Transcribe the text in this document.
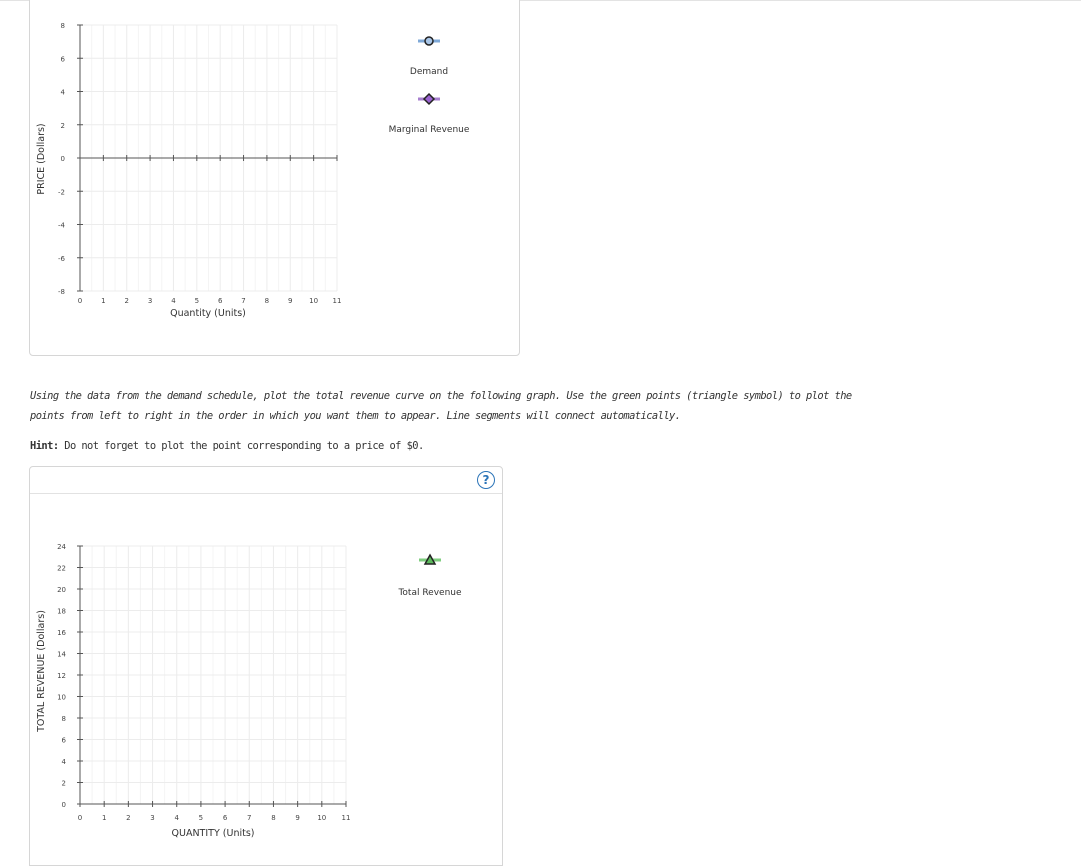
8
6
4
2
0
-2
-4
-6
-8
0	1	2	3	4	5	6	7	8	9 10 11
PRICE (Dollars)
Quantity (Units)
Demand
Marginal Revenue
Using the data from the demand schedule, plot the total revenue curve on the following graph. Use the green points (triangle symbol) to plot the
points from left to right in the order in which you want them to appear. Line segments will connect automatically.
Hint: Do not forget to plot the point corresponding to a price of $0.
?
24
22
20
18
16
14
12
10
8
6
4
2
0
0	1	2	3	4	5	6	7	8	9 10 11
TOTAL REVENUE (Dollars)
QUANTITY (Units)
Total Revenue
